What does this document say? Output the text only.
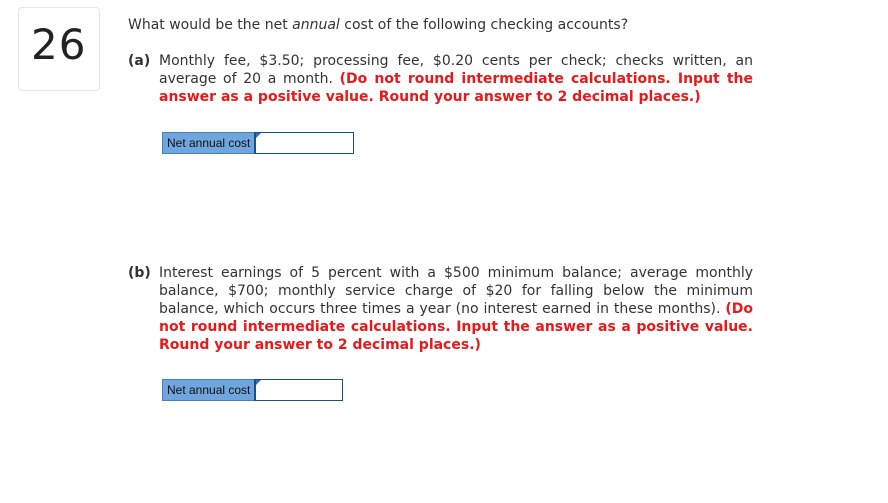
26	What would be the net annual cost of the following checking accounts?
(a) Monthly fee, $3.50; processing fee, $0.20 cents per check; checks written, an average of 20 a month. (Do not round intermediate calculations. Input the answer as a positive value. Round your answer to 2 decimal places.)
Net annual cost
(b) Interest earnings of 5 percent with a $500 minimum balance; average monthly balance, $700; monthly service charge of $20 for falling below the minimum balance, which occurs three times a year (no interest earned in these months). (Do not round intermediate calculations. Input the answer as a positive value. Round your answer to 2 decimal places.)
Net annual cost
